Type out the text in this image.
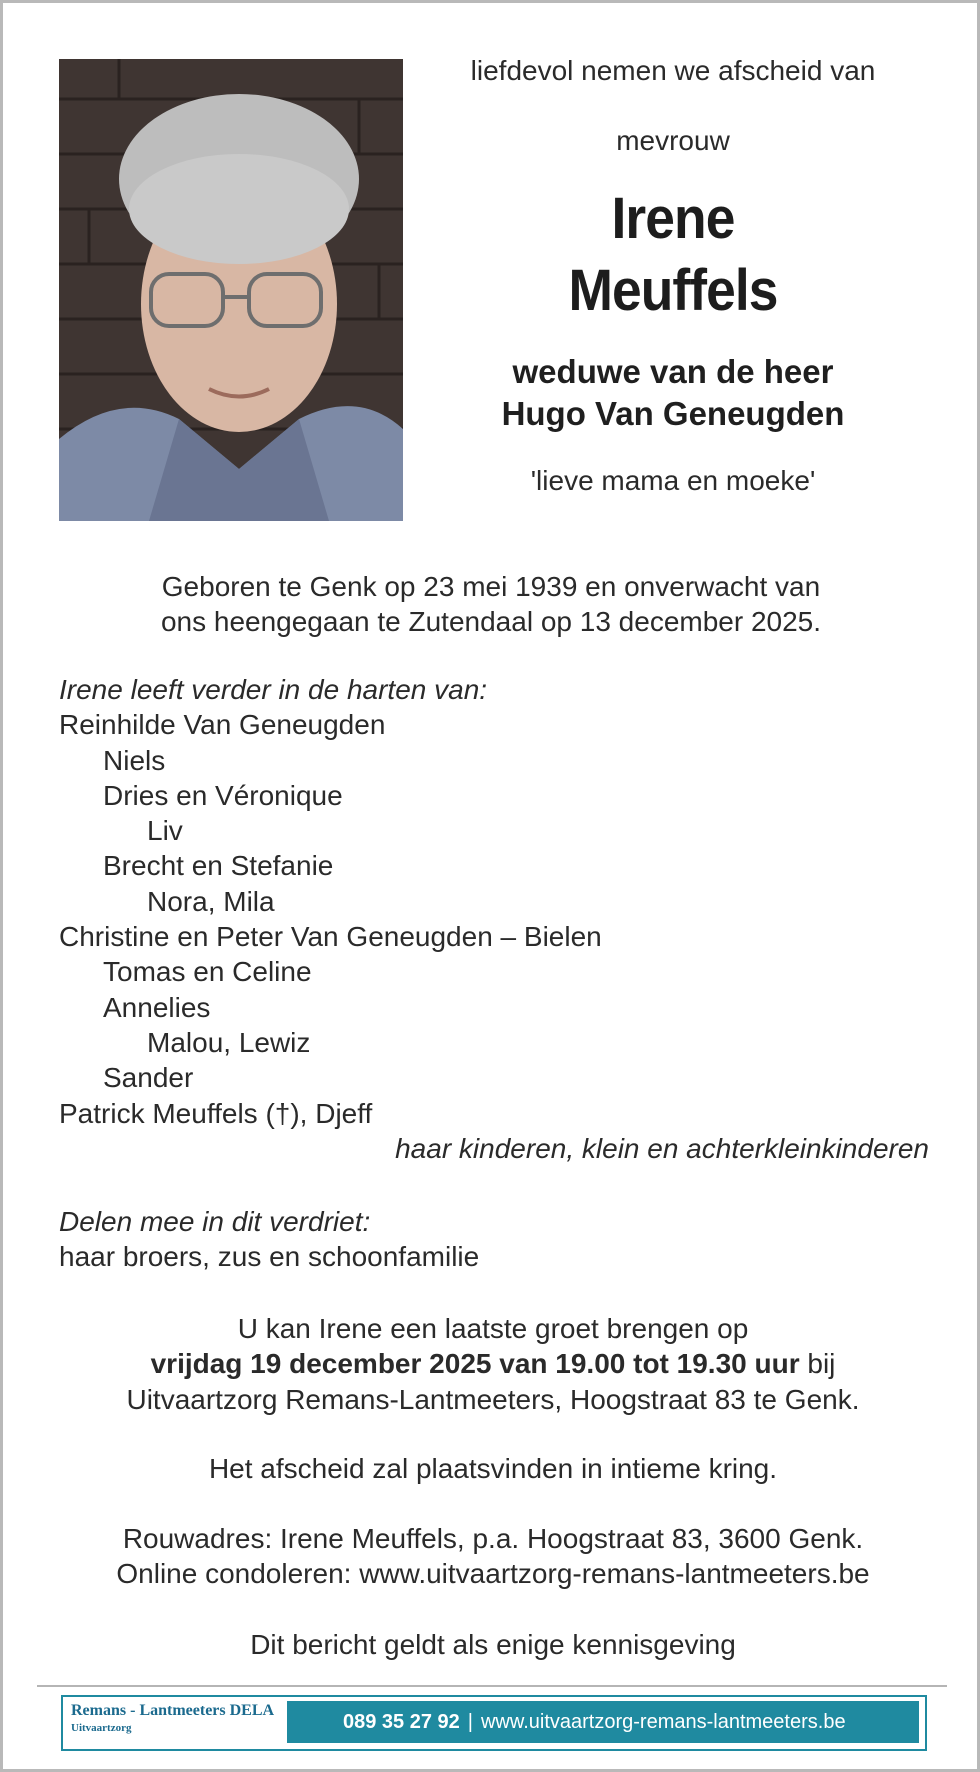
liefdevol nemen we afscheid van
mevrouw
Irene
Meuffels
weduwe van de heer
Hugo Van Geneugden
'lieve mama en moeke'
Geboren te Genk op 23 mei 1939 en onverwacht van
ons heengegaan te Zutendaal op 13 december 2025.
Irene leeft verder in de harten van:
Reinhilde Van Geneugden
Niels
Dries en Véronique
Liv
Brecht en Stefanie
Nora, Mila
Christine en Peter Van Geneugden – Bielen
Tomas en Celine
Annelies
Malou, Lewiz
Sander
Patrick Meuffels (†), Djeff
haar kinderen, klein en achterkleinkinderen
Delen mee in dit verdriet:
haar broers, zus en schoonfamilie
U kan Irene een laatste groet brengen op
vrijdag 19 december 2025 van 19.00 tot 19.30 uur bij
Uitvaartzorg Remans-Lantmeeters, Hoogstraat 83 te Genk.
Het afscheid zal plaatsvinden in intieme kring.
Rouwadres: Irene Meuffels, p.a. Hoogstraat 83, 3600 Genk.
Online condoleren: www.uitvaartzorg-remans-lantmeeters.be
Dit bericht geldt als enige kennisgeving
Remans - Lantmeeters DELA
Uitvaartzorg	089 35 27 92 | www.uitvaartzorg-remans-lantmeeters.be
